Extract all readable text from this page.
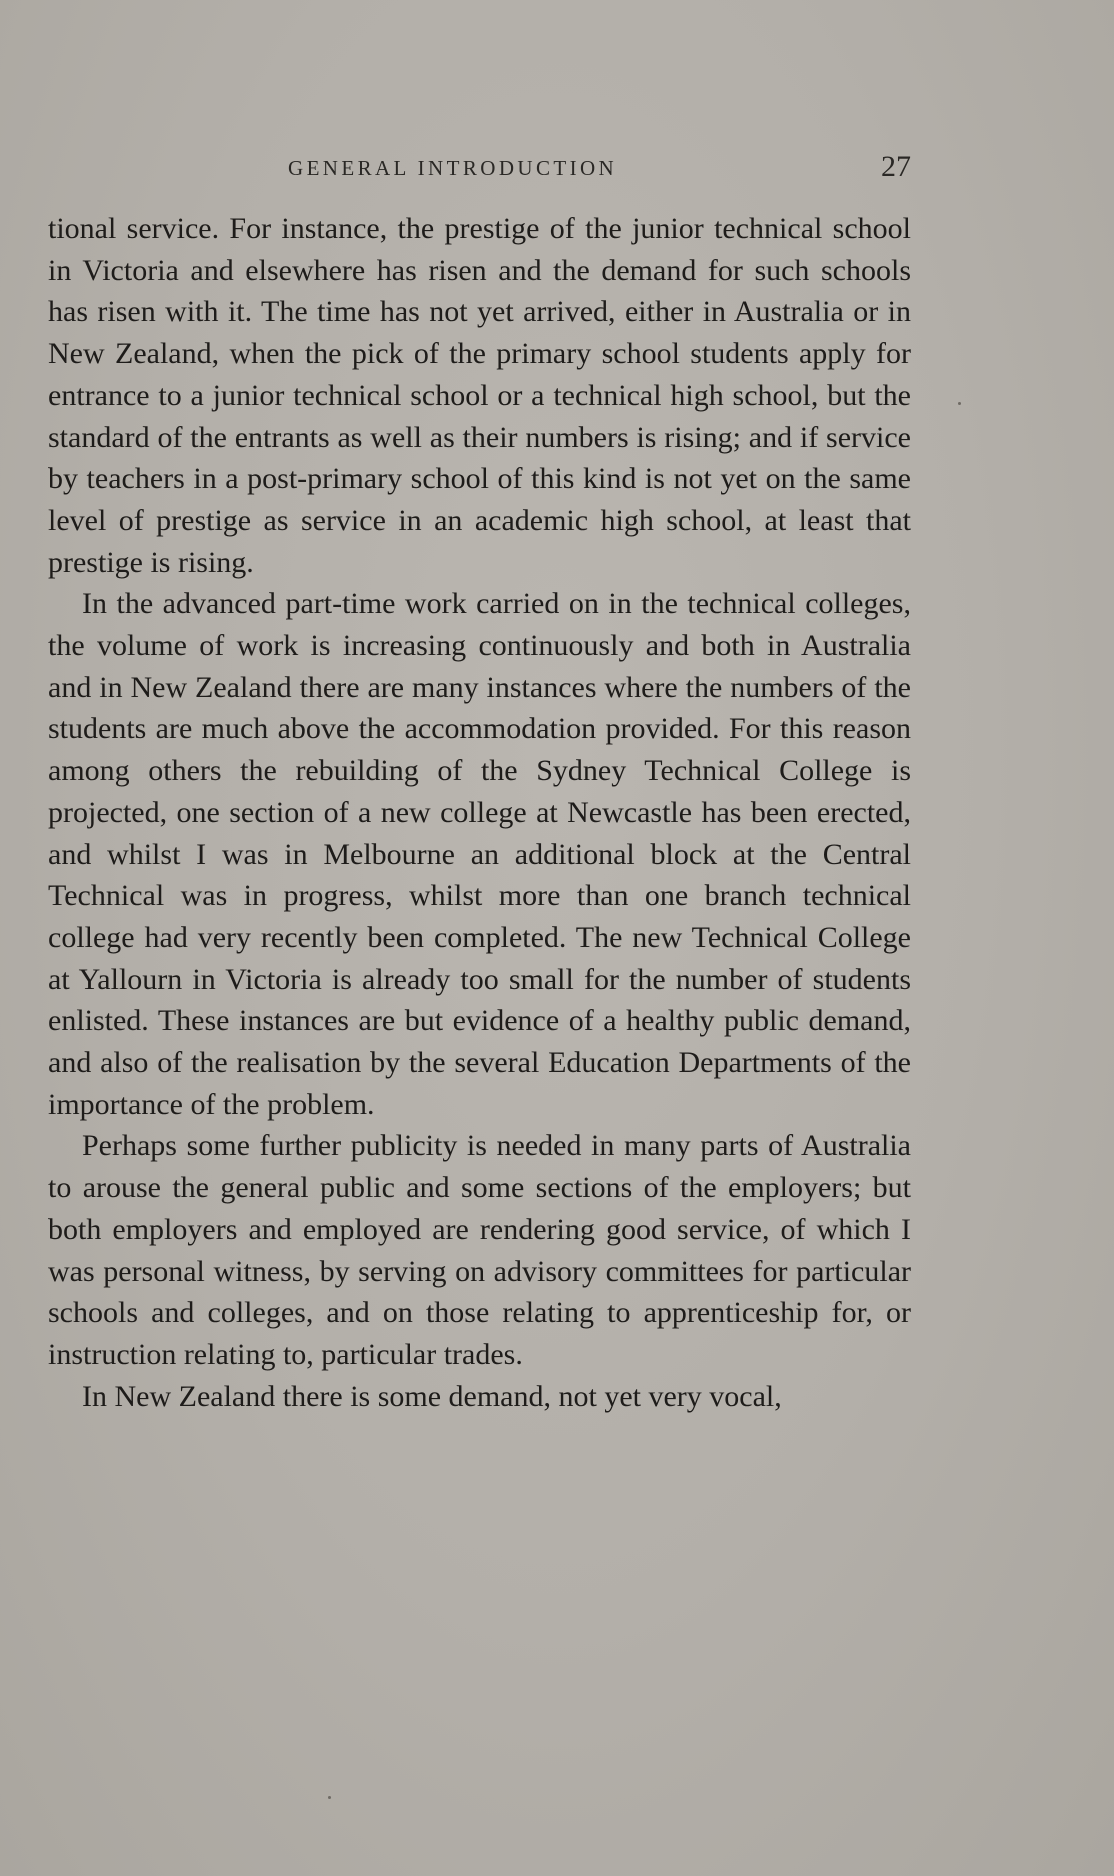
GENERAL INTRODUCTION	27

tional service. For instance, the prestige of the junior technical school in Victoria and elsewhere has risen and the demand for such schools has risen with it. The time has not yet arrived, either in Australia or in New Zealand, when the pick of the primary school students apply for entrance to a junior technical school or a technical high school, but the standard of the entrants as well as their numbers is rising; and if service by teachers in a post-primary school of this kind is not yet on the same level of prestige as service in an academic high school, at least that prestige is rising.

In the advanced part-time work carried on in the technical colleges, the volume of work is increasing continuously and both in Australia and in New Zealand there are many instances where the numbers of the students are much above the accommodation provided. For this reason among others the rebuilding of the Sydney Technical College is projected, one section of a new college at Newcastle has been erected, and whilst I was in Melbourne an additional block at the Central Technical was in progress, whilst more than one branch technical college had very recently been completed. The new Technical College at Yallourn in Victoria is already too small for the number of students enlisted. These instances are but evidence of a healthy public demand, and also of the realisation by the several Education Departments of the importance of the problem.

Perhaps some further publicity is needed in many parts of Australia to arouse the general public and some sections of the employers; but both employers and employed are rendering good service, of which I was personal witness, by serving on advisory committees for particular schools and colleges, and on those relating to apprenticeship for, or instruction relating to, particular trades.

In New Zealand there is some demand, not yet very vocal,
